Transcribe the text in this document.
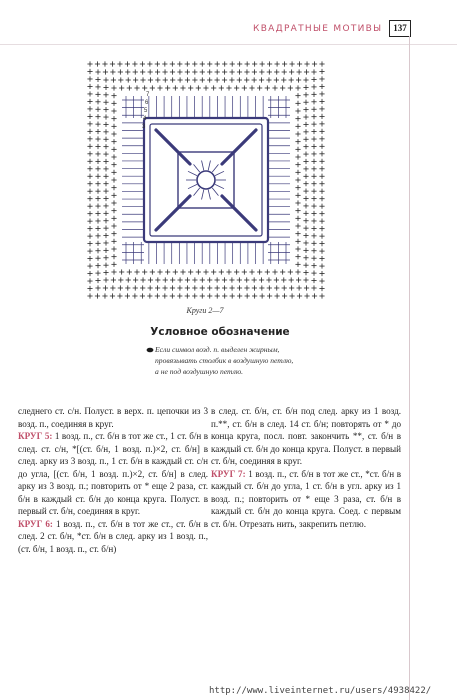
КВАДРАТНЫЕ МОТИВЫ	137
7
6
5
4
3
Круги 2—7
Условное обозначение
Если символ возд. п. выделен жирным, провязывать столбик в воздушную петлю, а не под воздушную петлю.

следнего ст. с/н. Полуст. в верх. п. цепочки из 3 возд. п., соединяя в круг.

КРУГ 5: 1 возд. п., ст. б/н в тот же ст., 1 ст. б/н в след. ст. с/н, *[(ст. б/н, 1 возд. п.)×2, ст. б/н] в след. арку из 3 возд. п., 1 ст. б/н в каждый ст. с/н до угла, [(ст. б/н, 1 возд. п.)×2, ст. б/н] в след. арку из 3 возд. п.; повторить от * еще 2 раза, ст. б/н в каждый ст. б/н до конца круга. Полуст. в первый ст. б/н, соединяя в круг.

КРУГ 6: 1 возд. п., ст. б/н в тот же ст., ст. б/н в след. 2 ст. б/н, *ст. б/н в след. арку из 1 возд. п., (ст. б/н, 1 возд. п., ст. б/н)

в след. ст. б/н, ст. б/н под след. арку из 1 возд. п.**, ст. б/н в след. 14 ст. б/н; повторять от * до конца круга, посл. повт. закончить **, ст. б/н в каждый ст. б/н до конца круга. Полуст. в первый ст. б/н, соединяя в круг.

КРУГ 7: 1 возд. п., ст. б/н в тот же ст., *ст. б/н в каждый ст. б/н до угла, 1 ст. б/н в угл. арку из 1 возд. п.; повторить от * еще 3 раза, ст. б/н в каждый ст. б/н до конца круга. Соед. с первым ст. б/н. Отрезать нить, закрепить петлю.

http://www.liveinternet.ru/users/4938422/
